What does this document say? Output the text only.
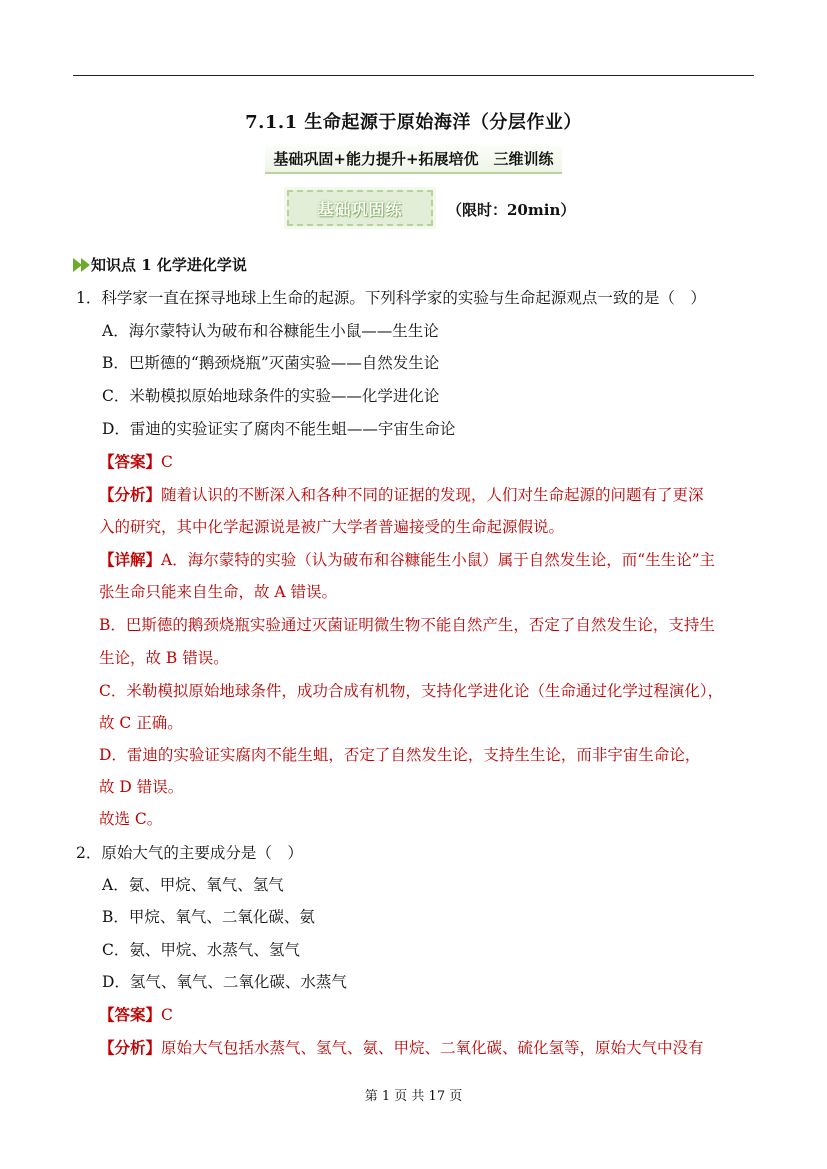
7.1.1 生命起源于原始海洋（分层作业）
基础巩固+能力提升+拓展培优　三维训练
基础巩固练	（限时：20min）
知识点 1 化学进化学说
1．科学家一直在探寻地球上生命的起源。下列科学家的实验与生命起源观点一致的是（　）
A．海尔蒙特认为破布和谷糠能生小鼠——生生论
B．巴斯德的“鹅颈烧瓶”灭菌实验——自然发生论
C．米勒模拟原始地球条件的实验——化学进化论
D．雷迪的实验证实了腐肉不能生蛆——宇宙生命论
【答案】C
【分析】随着认识的不断深入和各种不同的证据的发现，人们对生命起源的问题有了更深
入的研究，其中化学起源说是被广大学者普遍接受的生命起源假说。
【详解】A．海尔蒙特的实验（认为破布和谷糠能生小鼠）属于自然发生论，而“生生论”主
张生命只能来自生命，故 A 错误。
B．巴斯德的鹅颈烧瓶实验通过灭菌证明微生物不能自然产生，否定了自然发生论，支持生
生论，故 B 错误。
C．米勒模拟原始地球条件，成功合成有机物，支持化学进化论（生命通过化学过程演化），
故 C 正确。
D．雷迪的实验证实腐肉不能生蛆，否定了自然发生论，支持生生论，而非宇宙生命论，
故 D 错误。
故选 C。
2．原始大气的主要成分是（　）
A．氨、甲烷、氧气、氢气
B．甲烷、氧气、二氧化碳、氨
C．氨、甲烷、水蒸气、氢气
D．氢气、氧气、二氧化碳、水蒸气
【答案】C
【分析】原始大气包括水蒸气、氢气、氨、甲烷、二氧化碳、硫化氢等，原始大气中没有
第 1 页 共 17 页
